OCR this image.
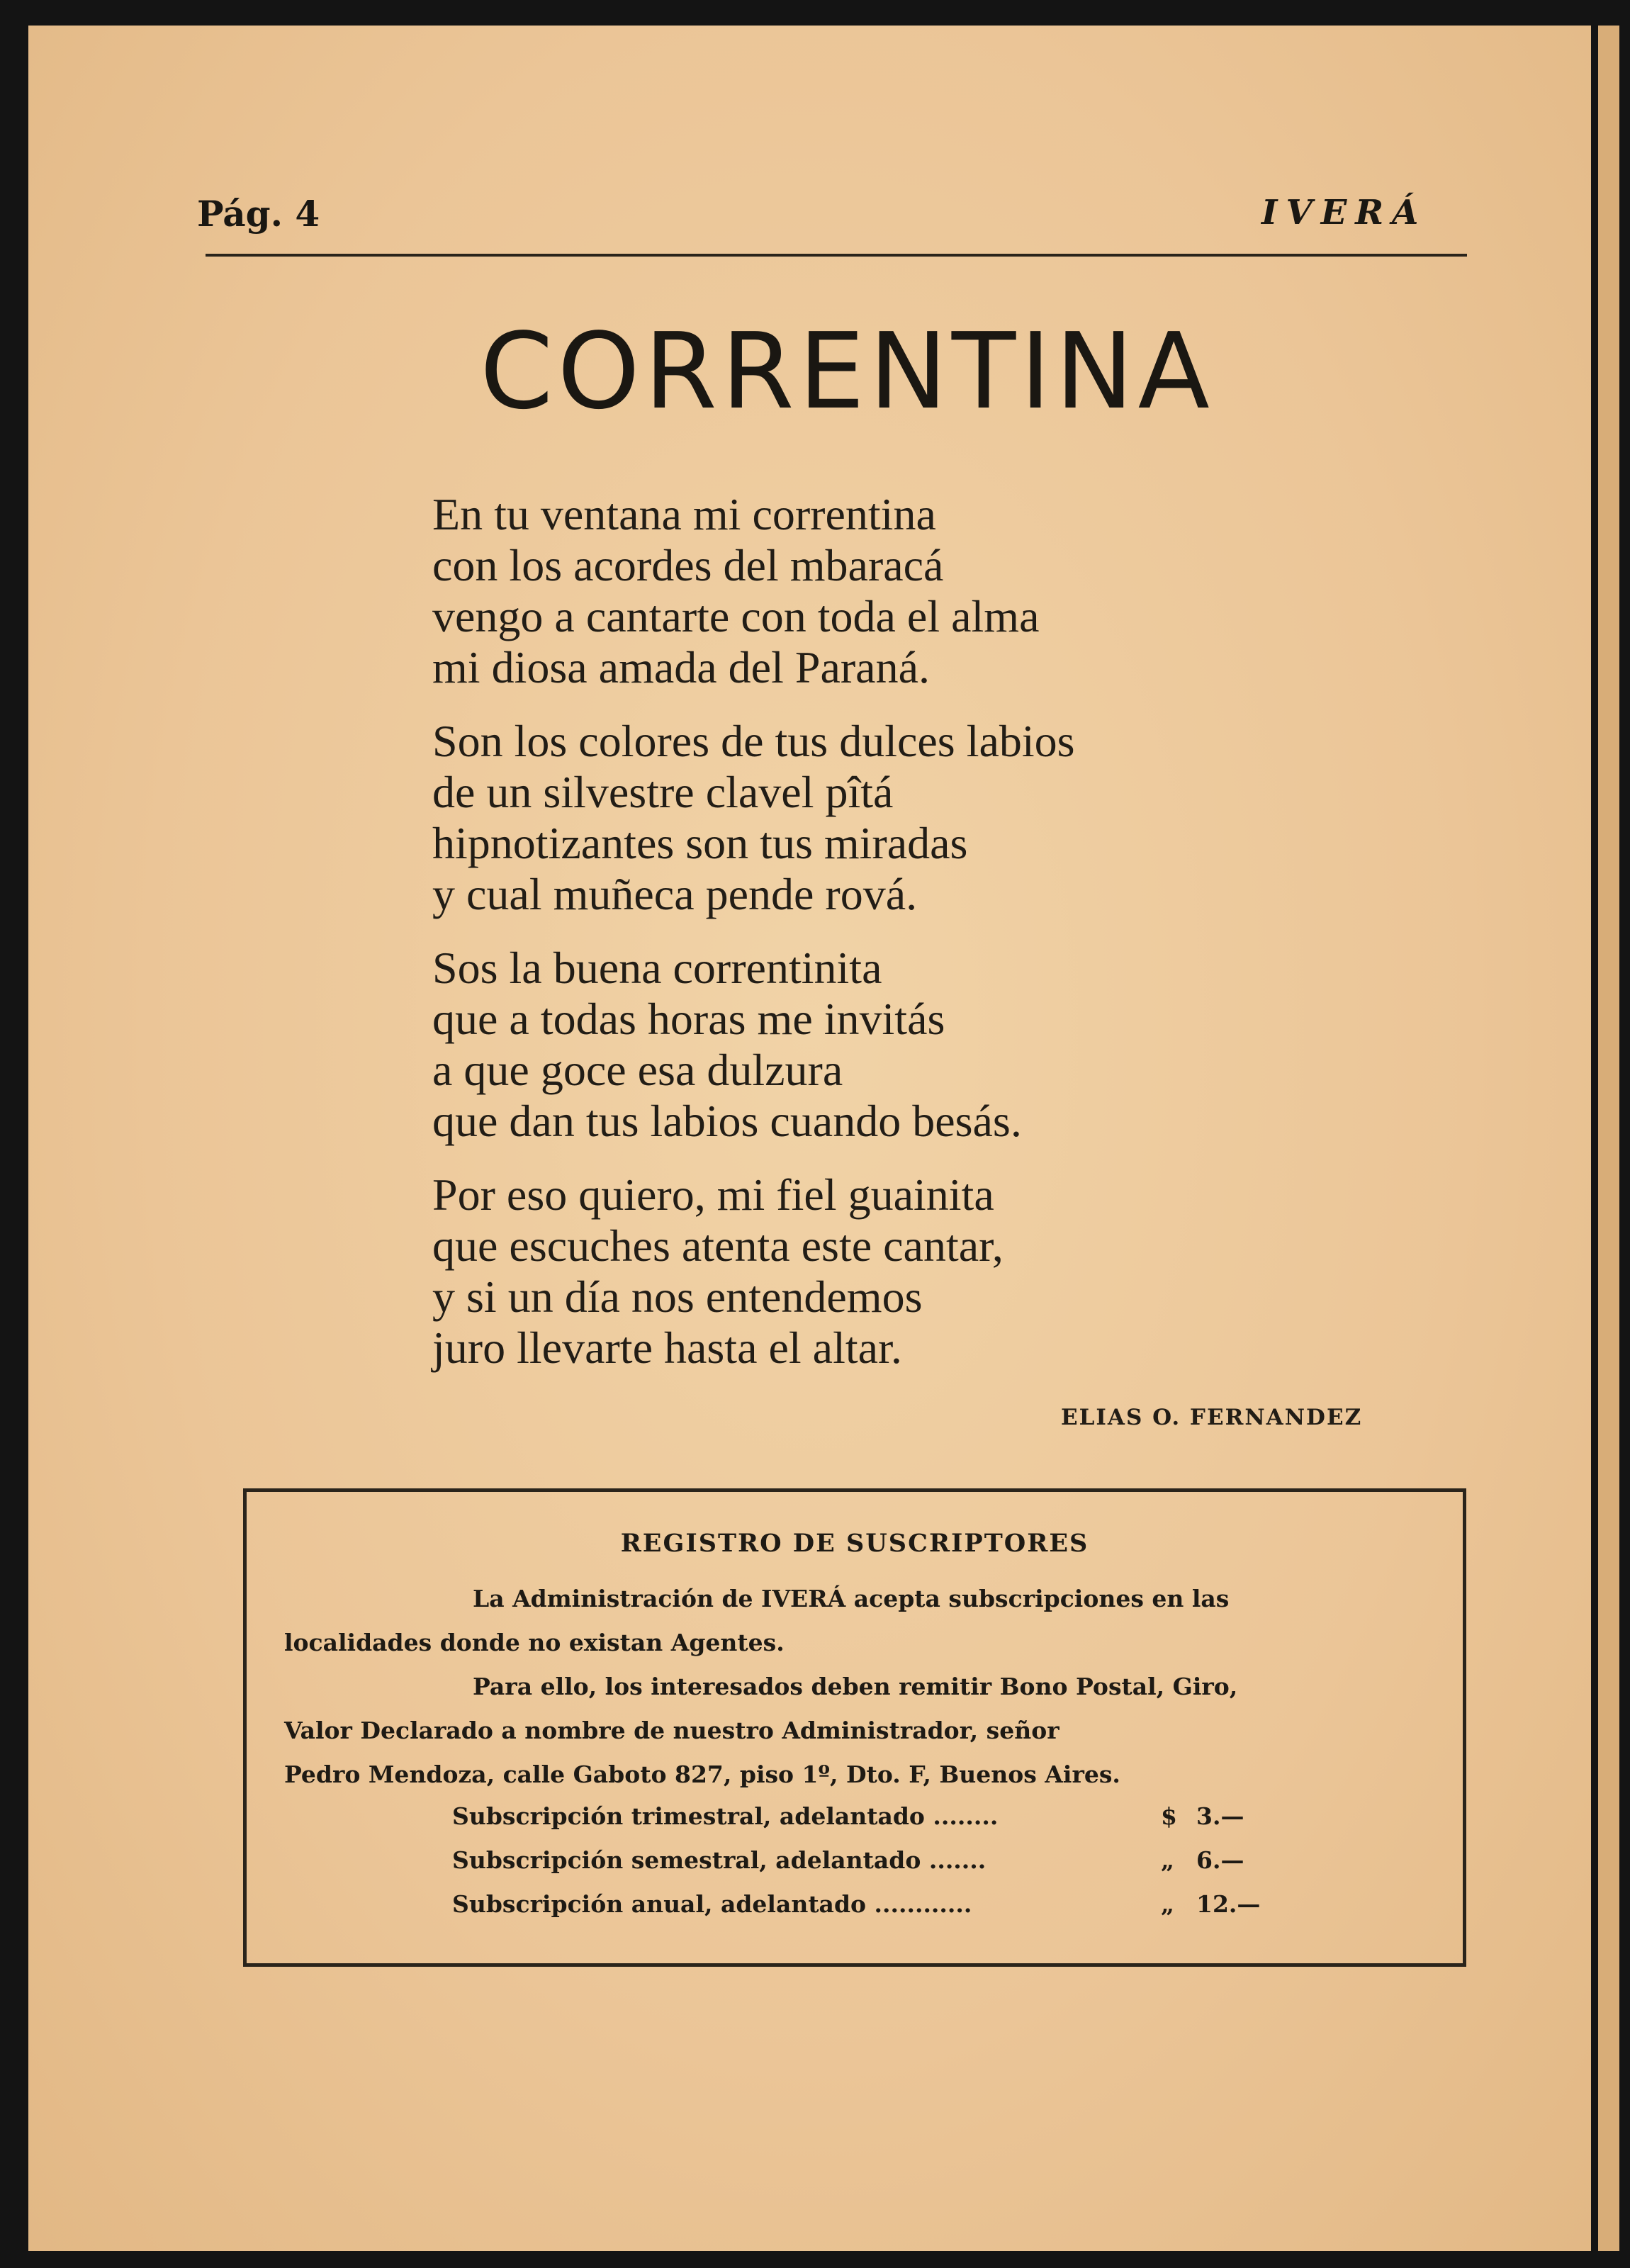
Pág. 4	IVERÁ
CORRENTINA
En tu ventana mi correntina
con los acordes del mbaracá
vengo a cantarte con toda el alma
mi diosa amada del Paraná.
Son los colores de tus dulces labios
de un silvestre clavel pîtá
hipnotizantes son tus miradas
y cual muñeca pende rová.
Sos la buena correntinita
que a todas horas me invitás
a que goce esa dulzura
que dan tus labios cuando besás.
Por eso quiero, mi fiel guainita
que escuches atenta este cantar,
y si un día nos entendemos
juro llevarte hasta el altar.
ELIAS O. FERNANDEZ
REGISTRO DE SUSCRIPTORES
La Administración de IVERÁ acepta subscripciones en las
localidades donde no existan Agentes.
Para ello, los interesados deben remitir Bono Postal, Giro,
Valor Declarado a nombre de nuestro Administrador, señor
Pedro Mendoza, calle Gaboto 827, piso 1º, Dto. F, Buenos Aires.
Subscripción trimestral, adelantado ........	$ 3.—
Subscripción semestral, adelantado .......	„ 6.—
Subscripción anual, adelantado ............	„ 12.—
